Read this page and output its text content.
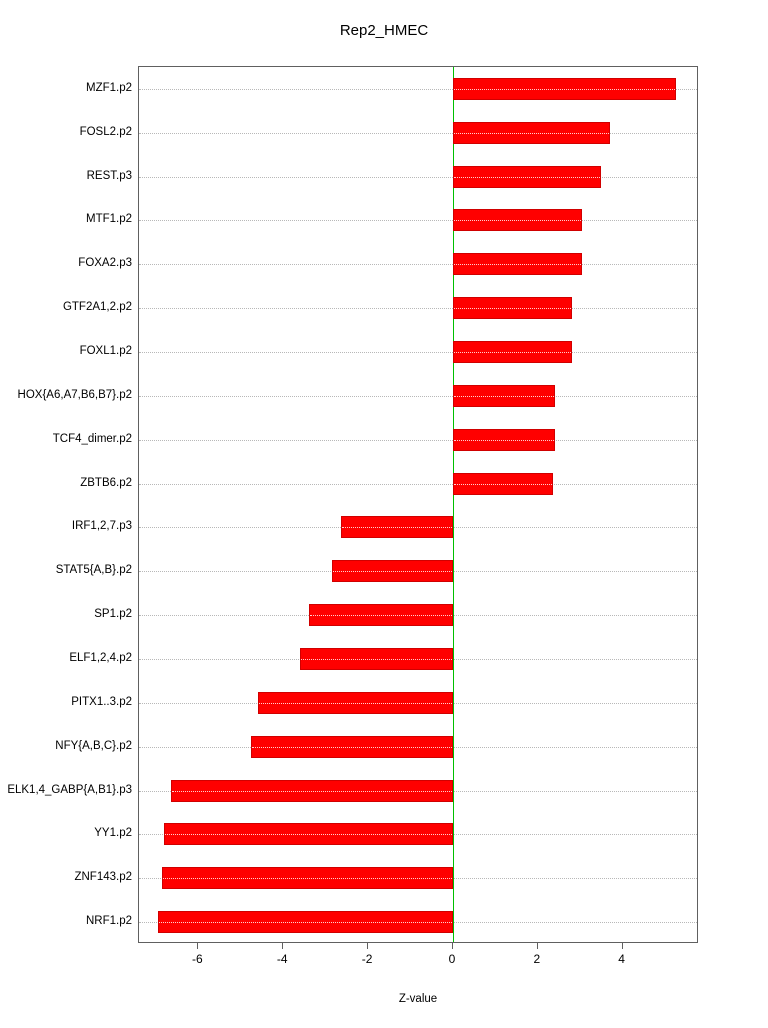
Rep2_HMEC
MZF1.p2
FOSL2.p2
REST.p3
MTF1.p2
FOXA2.p3
GTF2A1,2.p2
FOXL1.p2
HOX{A6,A7,B6,B7}.p2
TCF4_dimer.p2
ZBTB6.p2
IRF1,2,7.p3
STAT5{A,B}.p2
SP1.p2
ELF1,2,4.p2
PITX1..3.p2
NFY{A,B,C}.p2
ELK1,4_GABP{A,B1}.p3
YY1.p2
ZNF143.p2
NRF1.p2
-6	-4	-2	0	2	4
Z-value
